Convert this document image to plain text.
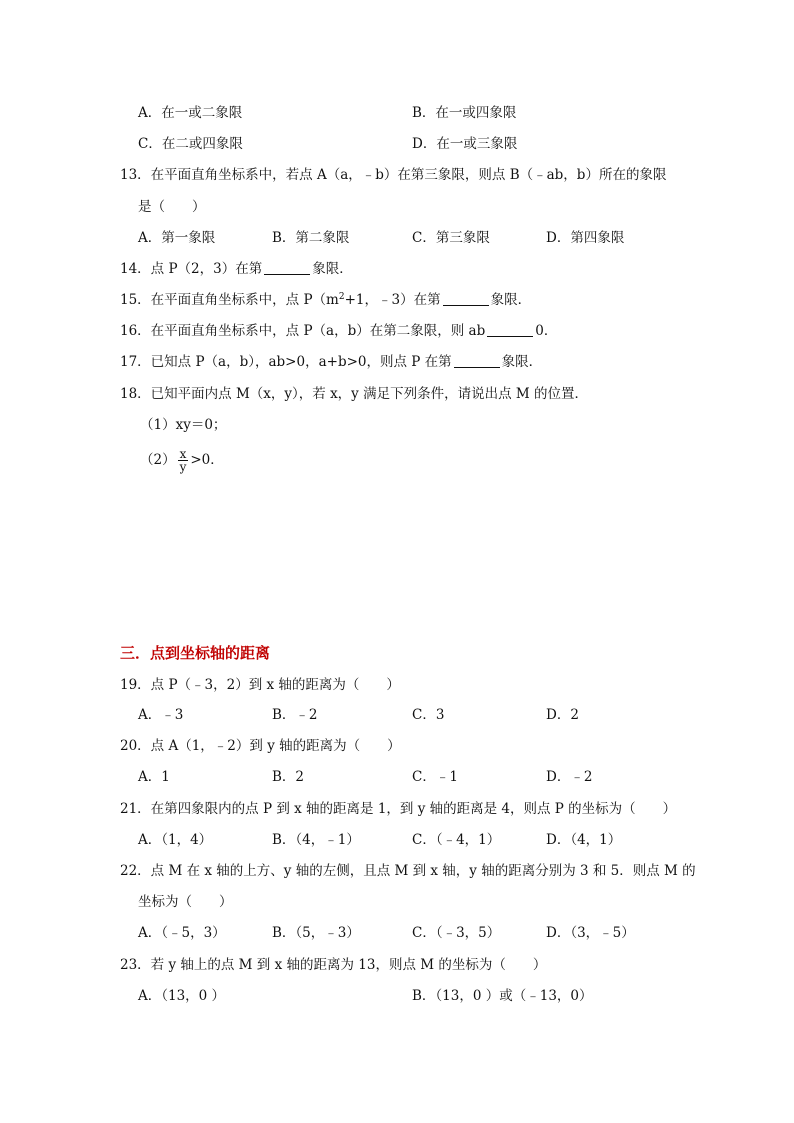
A．在一或二象限	B．在一或四象限
C．在二或四象限	D．在一或三象限
13．在平面直角坐标系中，若点 A（a，﹣b）在第三象限，则点 B（﹣ab，b）所在的象限
是（　　）
A．第一象限	B．第二象限	C．第三象限	D．第四象限
14．点 P（2，3）在第	象限．
15．在平面直角坐标系中，点 $P(m^2+1$，﹣3）在第	象限．
16．在平面直角坐标系中，点 P（a，b）在第二象限，则 ab	0．
17．已知点 P（a，b），ab>0，a+b>0，则点 P 在第	象限．
18．已知平面内点 M（x，y），若 x，y 满足下列条件，请说出点 M 的位置．
（1）xy＝0；
$(2) \frac{x}{y} >0$．
三．点到坐标轴的距离
19．点 P（﹣3，2）到 x 轴的距离为（　　）
A．﹣3	B．﹣2	C．3	D．2
20．点 A（1，﹣2）到 y 轴的距离为（　　）
A．1	B．2	C．﹣1	D．﹣2
21．在第四象限内的点 P 到 x 轴的距离是 1，到 y 轴的距离是 4，则点 P 的坐标为（　　）
A．（1，4）	B．（4，﹣1）	C．（﹣4，1）	D．（4，1）
22．点 M 在 x 轴的上方、y 轴的左侧，且点 M 到 x 轴，y 轴的距离分别为 3 和 5．则点 M 的
坐标为（　　）
A．（﹣5，3）	B．（5，﹣3）	C．（﹣3，5）	D．（3，﹣5）
23．若 y 轴上的点 M 到 x 轴的距离为 13，则点 M 的坐标为（　　）
A．（13，0 ）	B．（13，0 ）或（﹣13，0）
